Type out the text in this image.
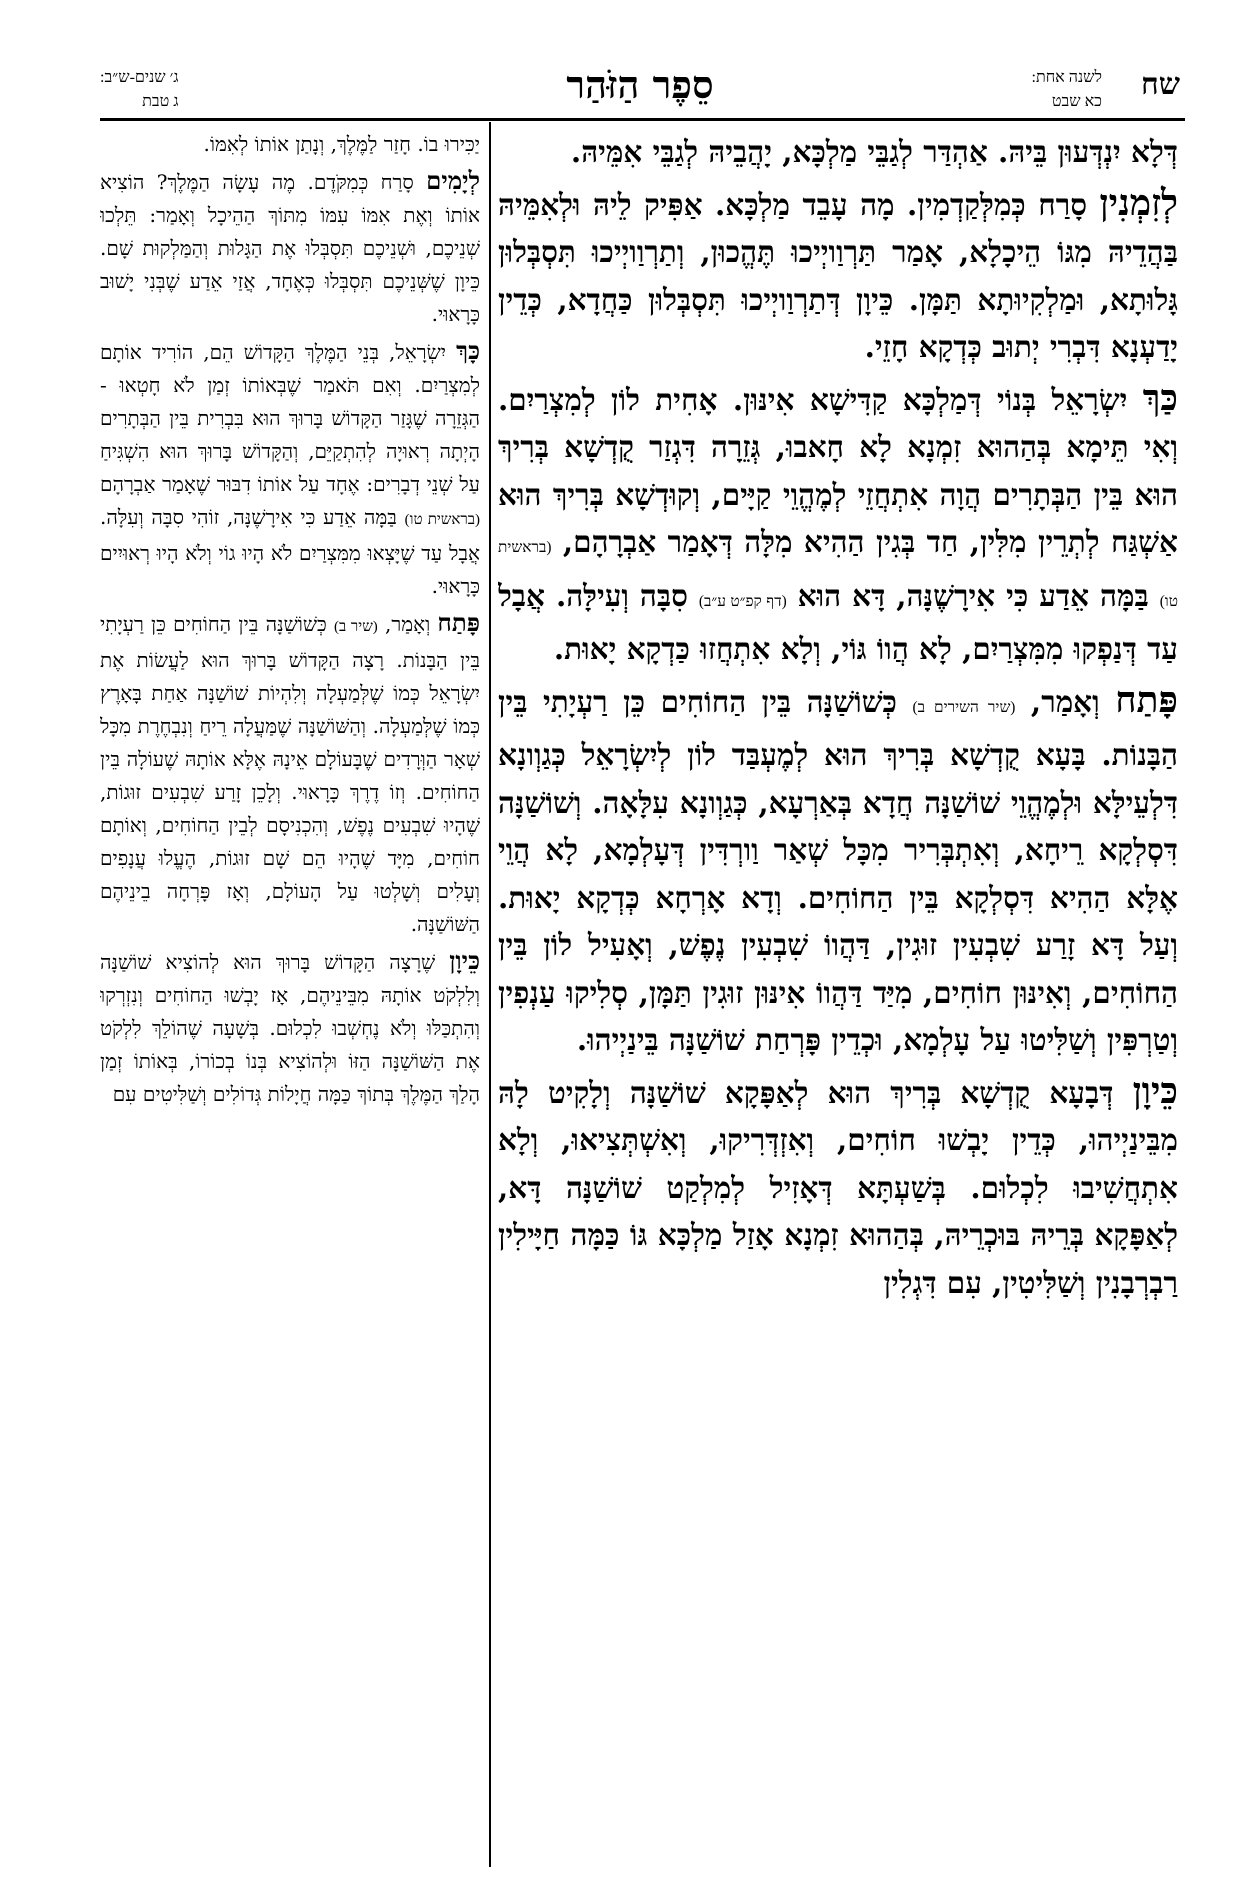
שח
לשנה אחת:
כא שבט
סֵפֶר הַזֹּהַר
ג׳ שנים-ש״ב:
ג טבת

דְּלָא יִנְדְּעוּן בֵּיהּ. אַהְדַּר לְגַבֵּי מַלְכָּא, יָהֲבֵיהּ לְגַבֵּי אִמֵּיהּ.

לְזִמְנִין סָרַח כְּמִלְּקַדְמִין. מָה עָבֵד מַלְכָּא. אַפִּיק לֵיהּ וּלְאִמֵּיהּ בַּהֲדֵיהּ מִגּוֹ הֵיכָלָא, אָמַר תַּרְוַויְיכוּ תֶּהֱכוּן, וְתַרְוַויְיכוּ תִּסְבְּלוּן גָּלוּתָא, וּמַלְקִיוּתָא תַּמָּן. כֵּיוָן דְּתַרְוַויְיכוּ תִּסְבְּלוּן כַּחֲדָא, כְּדֵין יָדַעְנָא דִּבְרִי יְתוּב כְּדְקָא חָזֵי.

כַּךְ יִשְׂרָאֵל בְּנוֹי דְּמַלְכָּא קַדִּישָׁא אִינּוּן. אָחִית לוֹן לְמִצְרַיִם. וְאִי תֵּימָא בְּהַהוּא זִמְנָא לָא חָאבוּ, גְּזֵרָה דִּגְזַר קֻדְשָׁא בְּרִיךְ הוּא בֵּין הַבְּתָרִים הֲוָה אִתְחֲזֵי לְמֶהֱוֵי קַיָּים, וְקוּדְשָׁא בְּרִיךְ הוּא אַשְׁגַּח לְתְרֵין מִלִּין, חַד בְּגִין הַהִיא מִלָּה דְּאָמַר אַבְרָהָם, (בראשית טו) בַּמָּה אֵדַע כִּי אִירָשֶׁנָּה, דָּא הוּא (דף קפ״ט ע״ב) סִבָּה וְעִילָּה. אֲבָל עַד דְּנַפְקוּ מִמִּצְרַיִם, לָא הֲווֹ גּוֹי, וְלָא אִתְחֲזוּ כַּדְקָא יָאוּת.

פָּתַח וְאָמַר, (שיר השירים ב) כְּשׁוֹשַׁנָּה בֵּין הַחוֹחִים כֵּן רַעְיָתִי בֵּין הַבָּנוֹת. בָּעָא קֻדְשָׁא בְּרִיךְ הוּא לְמֶעְבַּד לוֹן לְיִשְׂרָאֵל כְּגַוְונָא דִּלְעֵילָּא וּלְמֶהֱוֵי שׁוֹשַׁנָּה חֲדָא בְּאַרְעָא, כְּגַוְונָא עִלָּאָה. וְשׁוֹשַׁנָּה דִּסְלְקָא רֵיחָא, וְאִתְבְּרִיר מִכָּל שְׁאַר וַורְדִּין דְּעָלְמָא, לָא הֲוֵי אֶלָּא הַהִיא דִּסְלְקָא בֵּין הַחוֹחִים. וְדָא אָרְחָא כְּדְקָא יָאוּת. וְעַל דָּא זָרַע שִׁבְעִין זוּגִין, דַּהֲווֹ שִׁבְעִין נֶפֶשׁ, וְאָעִיל לוֹן בֵּין הַחוֹחִים, וְאִינּוּן חוֹחִים, מִיַּד דַּהֲווֹ אִינּוּן זוּגִין תַּמָּן, סְלִיקוּ עַנְפִין וְטַרְפִּין וְשַׁלִּיטוּ עַל עָלְמָא, וּכְדֵין פָּרְחַת שׁוֹשַׁנָּה בֵּינַיְיהוּ.

כֵּיוָן דְּבָעָא קֻדְשָׁא בְּרִיךְ הוּא לְאַפָּקָא שׁוֹשַׁנָּה וְלָקִיט לָהּ מִבֵּינַיְיהוּ, כְּדֵין יָבְשׁוּ חוֹחִים, וְאִזְדְּרִיקוּ, וְאִשְׁתְּצִיאוּ, וְלָא אִתְחֲשִׁיבוּ לִכְלוּם. בְּשַׁעְתָּא דְּאָזִיל לְמִלְקַט שׁוֹשַׁנָּה דָּא, לְאַפָּקָא בְּרֵיהּ בּוּכְרֵיהּ, בְּהַהוּא זִמְנָא אָזַל מַלְכָּא גּוֹ כַּמָּה חַיָּילִין רַבְרְבָנִין וְשַׁלִּיטִין, עִם דִּגְלִין

יַכִּירוּ בוֹ. חָזַר לַמֶּלֶךְ, וְנָתַן אוֹתוֹ לְאִמּוֹ.

לְיָמִים סָרַח כְּמִקֹּדֶם. מֶה עָשָׂה הַמֶּלֶךְ? הוֹצִיא אוֹתוֹ וְאֶת אִמּוֹ עִמּוֹ מִתּוֹךְ הַהֵיכָל וְאָמַר: תֵּלְכוּ שְׁנֵיכֶם, וּשְׁנֵיכֶם תִּסְבְּלוּ אֶת הַגָּלוּת וְהַמַּלְקוּת שָׁם. כֵּיוָן שֶׁשְּׁנֵיכֶם תִּסְבְּלוּ כְּאֶחָד, אֲזַי אֵדַע שֶׁבְּנִי יָשׁוּב כָּרָאוּי.

כָּךְ יִשְׂרָאֵל, בְּנֵי הַמֶּלֶךְ הַקָּדוֹשׁ הֵם, הוֹרִיד אוֹתָם לְמִצְרַיִם. וְאִם תֹּאמַר שֶׁבְּאוֹתוֹ זְמַן לֹא חָטְאוּ - הַגְּזֵרָה שֶׁגָּזַר הַקָּדוֹשׁ בָּרוּךְ הוּא בִּבְרִית בֵּין הַבְּתָרִים הָיְתָה רְאוּיָה לְהִתְקַיֵּם, וְהַקָּדוֹשׁ בָּרוּךְ הוּא הִשְׁגִּיחַ עַל שְׁנֵי דְבָרִים: אֶחָד עַל אוֹתוֹ דִבּוּר שֶׁאָמַר אַבְרָהָם (בראשית טו) בַּמָּה אֵדַע כִּי אִירָשֶׁנָּה, זוֹהִי סִבָּה וְעִלָּה. אֲבָל עַד שֶׁיָּצְאוּ מִמִּצְרַיִם לֹא הָיוּ גוֹי וְלֹא הָיוּ רְאוּיִים כָּרָאוּי.

פָּתַח וְאָמַר, (שיר ב) כְּשׁוֹשַׁנָּה בֵּין הַחוֹחִים כֵּן רַעְיָתִי בֵּין הַבָּנוֹת. רָצָה הַקָּדוֹשׁ בָּרוּךְ הוּא לַעֲשׂוֹת אֶת יִשְׂרָאֵל כְּמוֹ שֶׁלְּמַעְלָה וְלִהְיוֹת שׁוֹשַׁנָּה אַחַת בָּאָרֶץ כְּמוֹ שֶׁלְּמַעְלָה. וְהַשּׁוֹשַׁנָּה שֶׁמַּעֲלָה רֵיחַ וְנִבְחֶרֶת מִכָּל שְׁאָר הַוְּרָדִים שֶׁבָּעוֹלָם אֵינָהּ אֶלָּא אוֹתָהּ שֶׁעוֹלָה בֵּין הַחוֹחִים. וְזוֹ דֶרֶךְ כָּרָאוּי. וְלָכֵן זָרַע שִׁבְעִים זוּגוֹת, שֶׁהָיוּ שִׁבְעִים נֶפֶשׁ, וְהִכְנִיסָם לְבֵין הַחוֹחִים, וְאוֹתָם חוֹחִים, מִיָּד שֶׁהָיוּ הֵם שָׁם זוּגוֹת, הֶעֱלוּ עֲנָפִים וְעָלִים וְשָׁלְטוּ עַל הָעוֹלָם, וְאָז פָּרְחָה בֵינֵיהֶם הַשּׁוֹשַׁנָּה.

כֵּיוָן שֶׁרָצָה הַקָּדוֹשׁ בָּרוּךְ הוּא לְהוֹצִיא שׁוֹשַׁנָּה וְלִלְקֹט אוֹתָהּ מִבֵּינֵיהֶם, אָז יָבְשׁוּ הַחוֹחִים וְנִזְרְקוּ וְהִתְכַּלּוּ וְלֹא נֶחְשְׁבוּ לִכְלוּם. בְּשָׁעָה שֶׁהוֹלֵךְ לִלְקֹט אֶת הַשּׁוֹשַׁנָּה הַזּוֹ וּלְהוֹצִיא בְּנוֹ בְכוֹרוֹ, בְּאוֹתוֹ זְמַן הָלַךְ הַמֶּלֶךְ בְּתוֹךְ כַּמָּה חֲיָלוֹת גְּדוֹלִים וְשַׁלִּיטִים עִם
